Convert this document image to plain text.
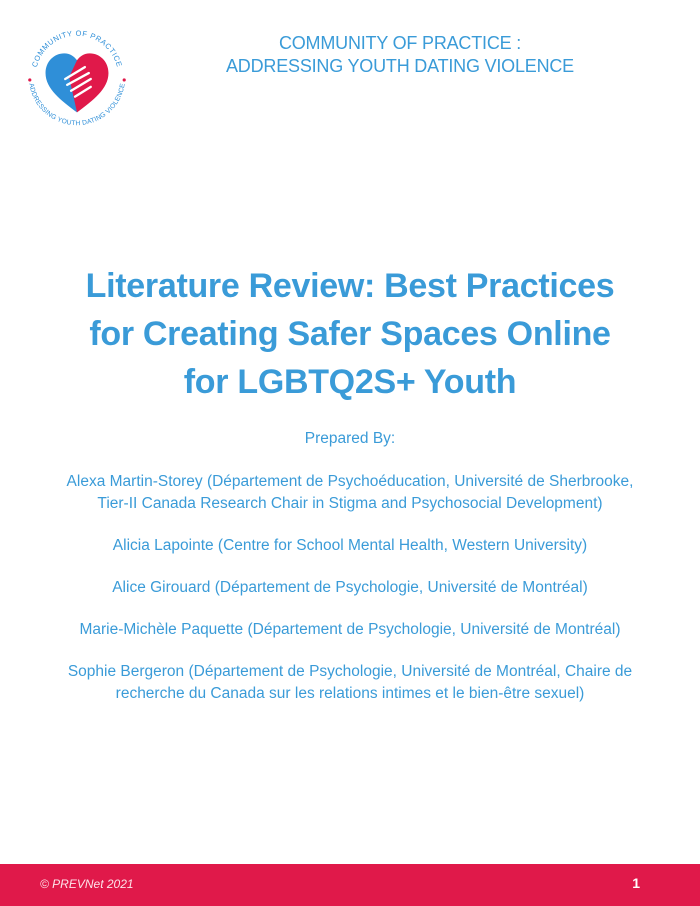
COMMUNITY OF PRACTICE
ADDRESSING YOUTH DATING VIOLENCE
COMMUNITY OF PRACTICE :
ADDRESSING YOUTH DATING VIOLENCE
Literature Review: Best Practices
for Creating Safer Spaces Online
for LGBTQ2S+ Youth
Prepared By:
Alexa Martin-Storey (Département de Psychoéducation, Université de Sherbrooke,
Tier-II Canada Research Chair in Stigma and Psychosocial Development)
Alicia Lapointe (Centre for School Mental Health, Western University)
Alice Girouard (Département de Psychologie, Université de Montréal)
Marie-Michèle Paquette (Département de Psychologie, Université de Montréal)
Sophie Bergeron (Département de Psychologie, Université de Montréal, Chaire de
recherche du Canada sur les relations intimes et le bien-être sexuel)
© PREVNet 2021	1
